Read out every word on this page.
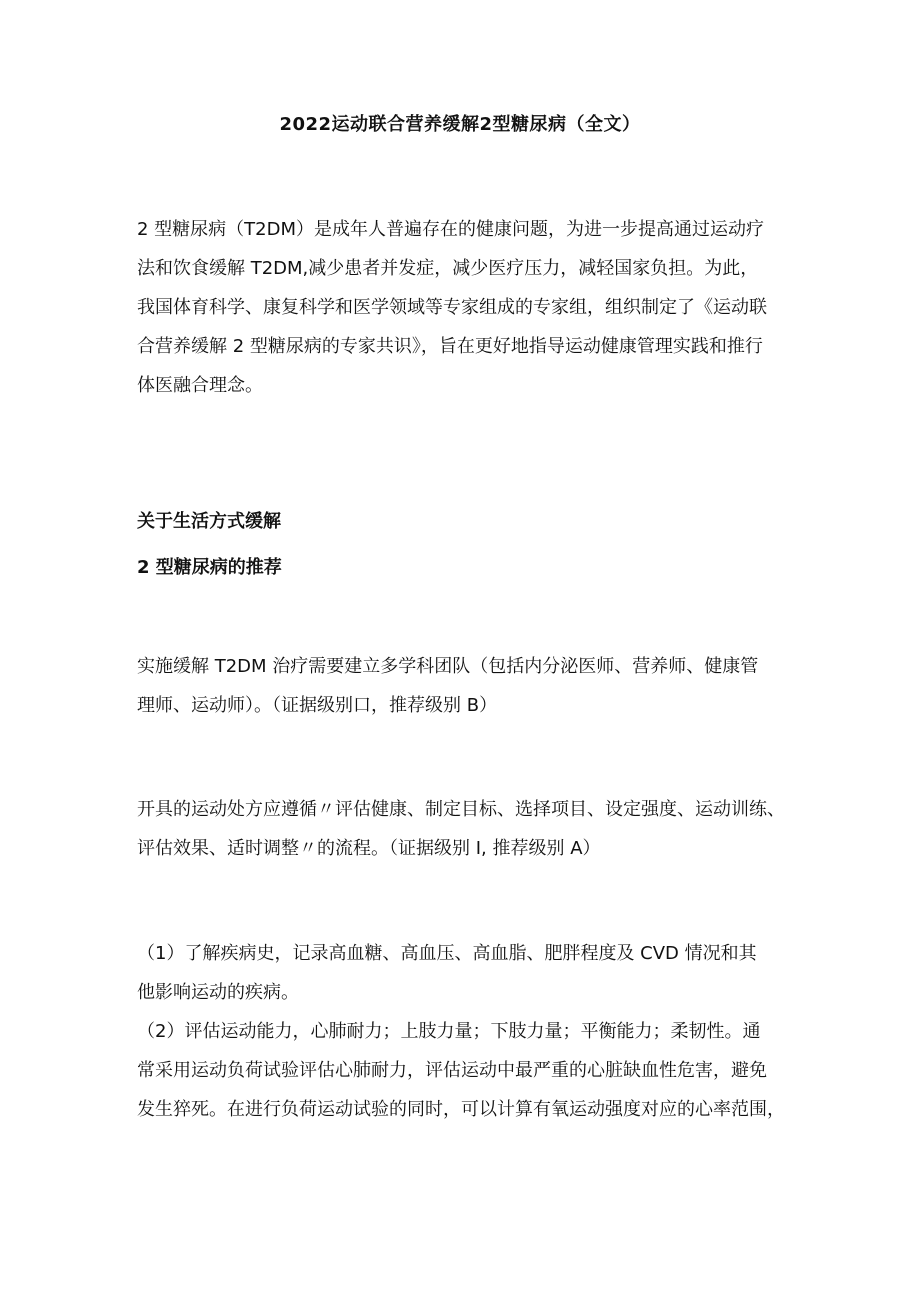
2022运动联合营养缓解2型糖尿病（全文）
2 型糖尿病（T2DM）是成年人普遍存在的健康问题，为进一步提高通过运动疗
法和饮食缓解 T2DM,减少患者并发症，减少医疗压力，减轻国家负担。为此，
我国体育科学、康复科学和医学领域等专家组成的专家组，组织制定了《运动联
合营养缓解 2 型糖尿病的专家共识》，旨在更好地指导运动健康管理实践和推行
体医融合理念。
关于生活方式缓解
2 型糖尿病的推荐
实施缓解 T2DM 治疗需要建立多学科团队（包括内分泌医师、营养师、健康管
理师、运动师）。（证据级别口，推荐级别 B）
开具的运动处方应遵循〃评估健康、制定目标、选择项目、设定强度、运动训练、
评估效果、适时调整〃的流程。（证据级别 I, 推荐级别 A）
（1）了解疾病史，记录高血糖、高血压、高血脂、肥胖程度及 CVD 情况和其
他影响运动的疾病。
（2）评估运动能力，心肺耐力；上肢力量；下肢力量；平衡能力；柔韧性。通
常采用运动负荷试验评估心肺耐力，评估运动中最严重的心脏缺血性危害，避免
发生猝死。在进行负荷运动试验的同时，可以计算有氧运动强度对应的心率范围，
